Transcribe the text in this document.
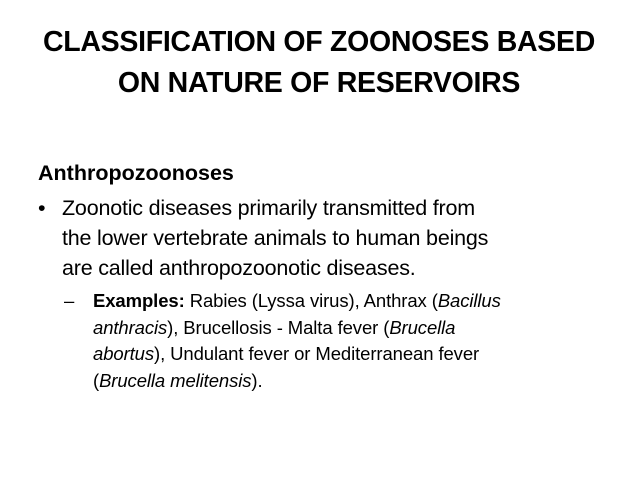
CLASSIFICATION OF ZOONOSES BASED
ON NATURE OF RESERVOIRS

Anthropozoonoses

• Zoonotic diseases primarily transmitted from
the lower vertebrate animals to human beings
are called anthropozoonotic diseases.
– Examples: Rabies (Lyssa virus), Anthrax (Bacillus
anthracis), Brucellosis - Malta fever (Brucella
abortus), Undulant fever or Mediterranean fever
(Brucella melitensis).
